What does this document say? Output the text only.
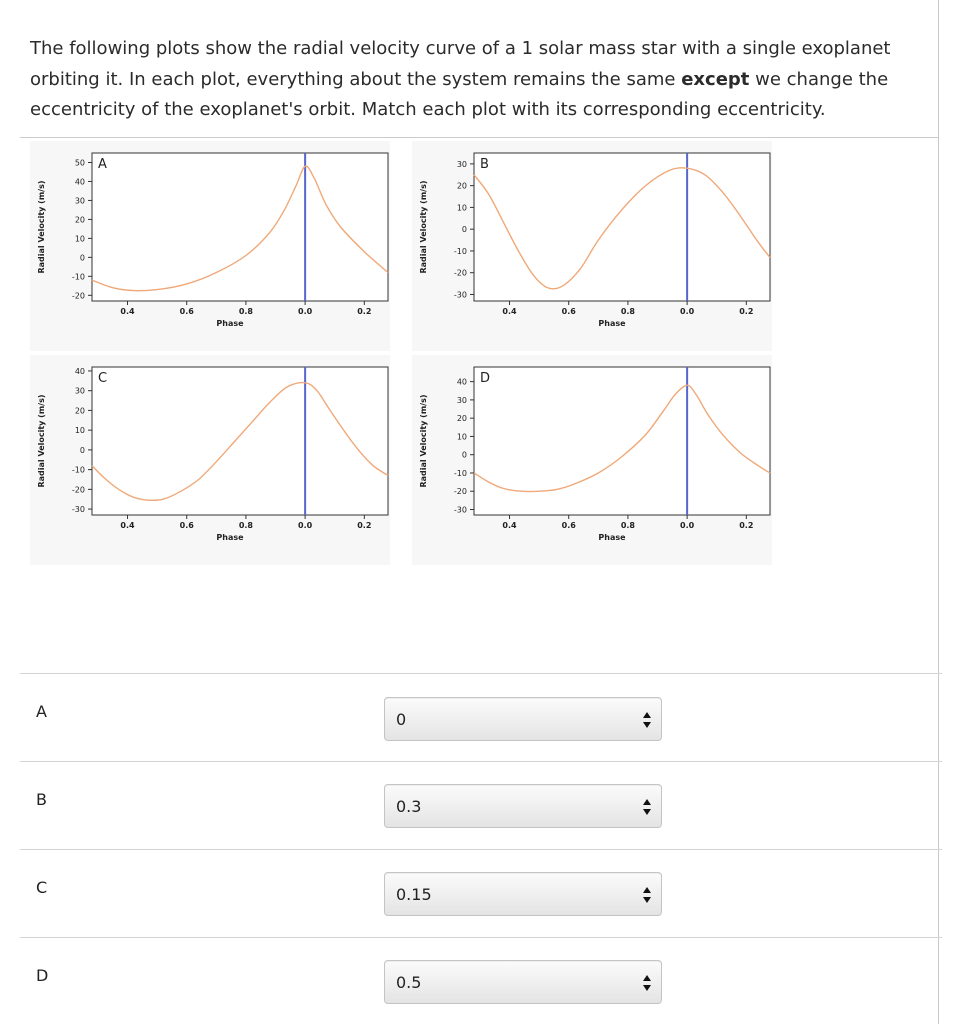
The following plots show the radial velocity curve of a 1 solar mass star with a single exoplanet orbiting it. In each plot, everything about the system remains the same except we change the eccentricity of the exoplanet's orbit. Match each plot with its corresponding eccentricity.
50
40
30
20
10
0
-10
-20
0.4	0.6	0.8	0.0	0.2
A
Phase
Radial Velocity (m/s)
30
20
10
0
-10
-20
-30
0.4	0.6	0.8	0.0	0.2
B
Phase
Radial Velocity (m/s)
40
30
20
10
0
-10
-20
-30
0.4	0.6	0.8	0.0	0.2
C
Phase
Radial Velocity (m/s)
40
30
20
10
0
-10
-20
-30
0.4	0.6	0.8	0.0	0.2
D
Phase
Radial Velocity (m/s)
A	0
B	0.3
C	0.15
D	0.5
